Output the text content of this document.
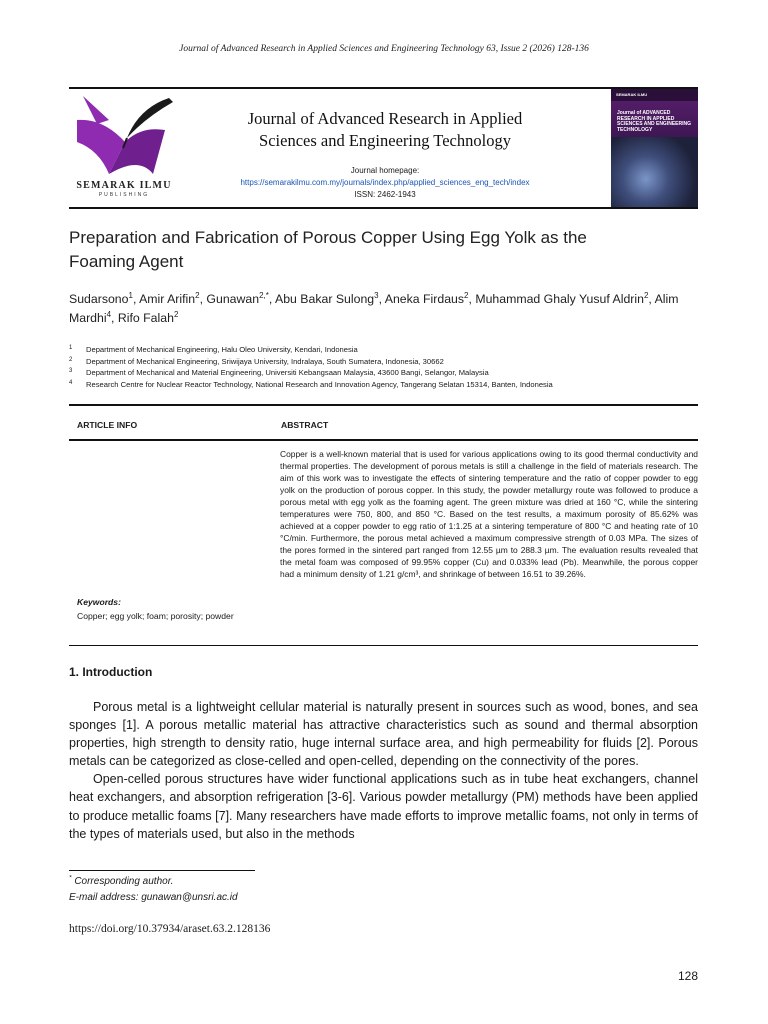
Journal of Advanced Research in Applied Sciences and Engineering Technology 63, Issue 2 (2026) 128-136
SEMARAK ILMU
PUBLISHING
Journal of Advanced Research in Applied
Sciences and Engineering Technology
Journal homepage:
https://semarakilmu.com.my/journals/index.php/applied_sciences_eng_tech/index
ISSN: 2462-1943
SEMARAK ILMU
Journal of ADVANCED RESEARCH IN APPLIED SCIENCES AND ENGINEERING TECHNOLOGY
Preparation and Fabrication of Porous Copper Using Egg Yolk as the
Foaming Agent
Sudarsono$^1$, Amir Arifin$^2$, Gunawan$^{2,*}$, Abu Bakar Sulong$^3$, Aneka Firdaus$^2$, Muhammad Ghaly Yusuf Aldrin$^2$, Alim Mardhi$^4$, Rifo Falah$^2$
1	Department of Mechanical Engineering, Halu Oleo University, Kendari, Indonesia
2	Department of Mechanical Engineering, Sriwijaya University, Indralaya, South Sumatera, Indonesia, 30662
3	Department of Mechanical and Material Engineering, Universiti Kebangsaan Malaysia, 43600 Bangi, Selangor, Malaysia
4	Research Centre for Nuclear Reactor Technology, National Research and Innovation Agency, Tangerang Selatan 15314, Banten, Indonesia
ARTICLE INFO	ABSTRACT
Copper is a well-known material that is used for various applications owing to its good thermal conductivity and thermal properties. The development of porous metals is still a challenge in the field of materials research. The aim of this work was to investigate the effects of sintering temperature and the ratio of copper powder to egg yolk on the production of porous copper. In this study, the powder metallurgy route was followed to produce a porous metal with egg yolk as the foaming agent. The green mixture was dried at 160 °C, while the sintering temperatures were 750, 800, and 850 °C. Based on the test results, a maximum porosity of 85.62% was achieved at a copper powder to egg ratio of 1:1.25 at a sintering temperature of 800 °C and heating rate of 10 °C/min. Furthermore, the porous metal achieved a maximum compressive strength of 0.03 MPa. The sizes of the pores formed in the sintered part ranged from 12.55 µm to 288.3 µm. The evaluation results revealed that the metal foam was composed of 99.95% copper (Cu) and 0.033% lead (Pb). Meanwhile, the porous copper had a minimum density of 1.21 g/cm³, and shrinkage of between 16.51 to 39.26%.
Keywords:
Copper; egg yolk; foam; porosity; powder
1. Introduction

Porous metal is a lightweight cellular material is naturally present in sources such as wood, bones, and sea sponges [1]. A porous metallic material has attractive characteristics such as sound and thermal absorption properties, high strength to density ratio, huge internal surface area, and high permeability for fluids [2]. Porous metals can be categorized as close-celled and open-celled, depending on the connectivity of the pores.

Open-celled porous structures have wider functional applications such as in tube heat exchangers, channel heat exchangers, and absorption refrigeration [3-6]. Various powder metallurgy (PM) methods have been applied to produce metallic foams [7]. Many researchers have made efforts to improve metallic foams, not only in terms of the types of materials used, but also in the methods

* Corresponding author.
E-mail address: gunawan@unsri.ac.id
https://doi.org/10.37934/araset.63.2.128136
128
